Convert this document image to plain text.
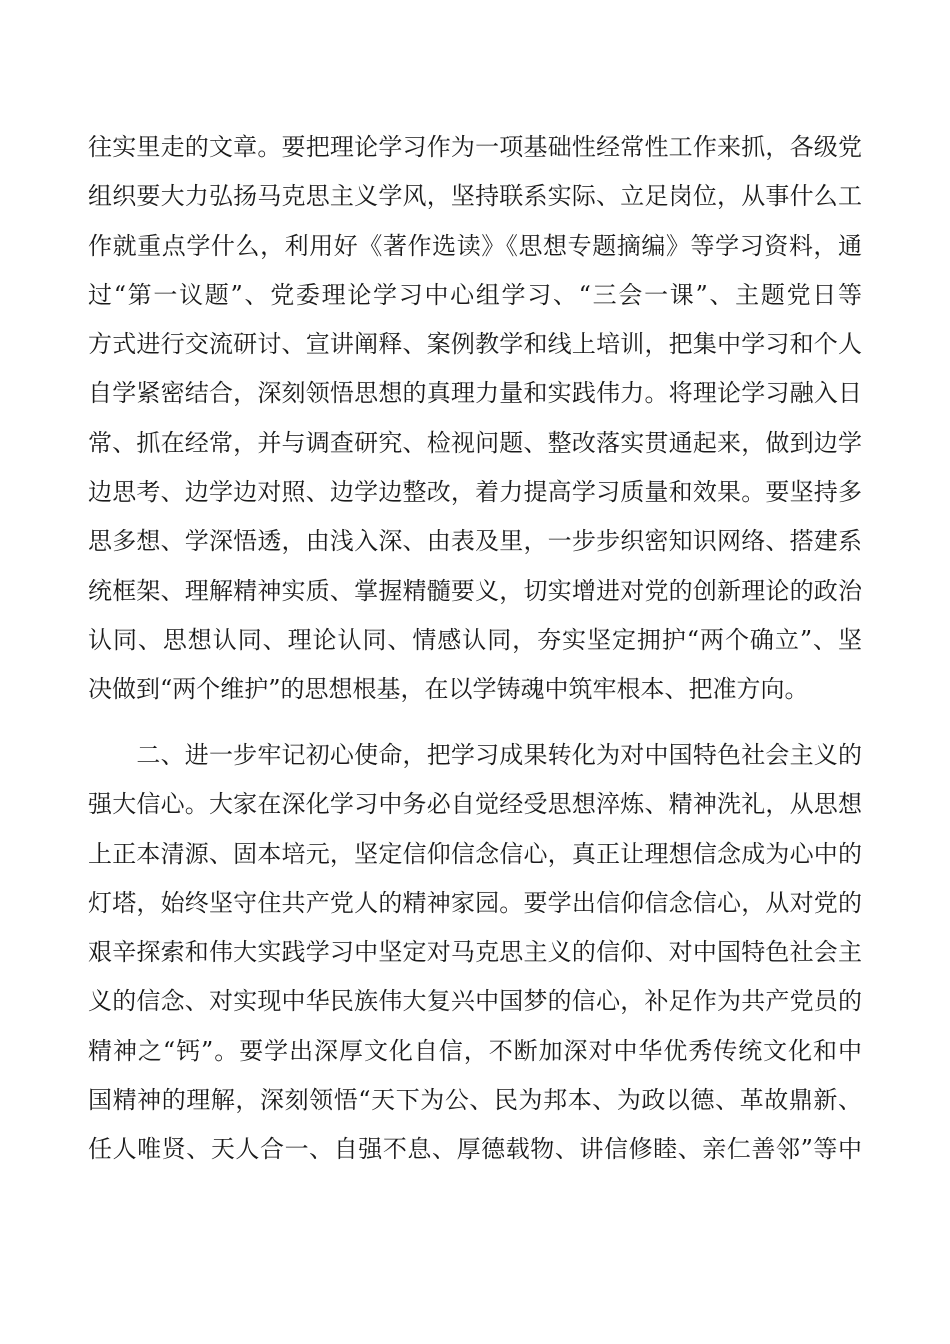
往实里走的文章。要把理论学习作为一项基础性经常性工作来抓，各级党
组织要大力弘扬马克思主义学风，坚持联系实际、立足岗位，从事什么工
作就重点学什么，利用好《著作选读》《思想专题摘编》等学习资料，通
过“第一议题”、党委理论学习中心组学习、“三会一课”、主题党日等
方式进行交流研讨、宣讲阐释、案例教学和线上培训，把集中学习和个人
自学紧密结合，深刻领悟思想的真理力量和实践伟力。将理论学习融入日
常、抓在经常，并与调查研究、检视问题、整改落实贯通起来，做到边学
边思考、边学边对照、边学边整改，着力提高学习质量和效果。要坚持多
思多想、学深悟透，由浅入深、由表及里，一步步织密知识网络、搭建系
统框架、理解精神实质、掌握精髓要义，切实增进对党的创新理论的政治
认同、思想认同、理论认同、情感认同，夯实坚定拥护“两个确立”、坚
决做到“两个维护”的思想根基，在以学铸魂中筑牢根本、把准方向。
　　二、进一步牢记初心使命，把学习成果转化为对中国特色社会主义的
强大信心。大家在深化学习中务必自觉经受思想淬炼、精神洗礼，从思想
上正本清源、固本培元，坚定信仰信念信心，真正让理想信念成为心中的
灯塔，始终坚守住共产党人的精神家园。要学出信仰信念信心，从对党的
艰辛探索和伟大实践学习中坚定对马克思主义的信仰、对中国特色社会主
义的信念、对实现中华民族伟大复兴中国梦的信心，补足作为共产党员的
精神之“钙”。要学出深厚文化自信，不断加深对中华优秀传统文化和中
国精神的理解，深刻领悟“天下为公、民为邦本、为政以德、革故鼎新、
任人唯贤、天人合一、自强不息、厚德载物、讲信修睦、亲仁善邻”等中
